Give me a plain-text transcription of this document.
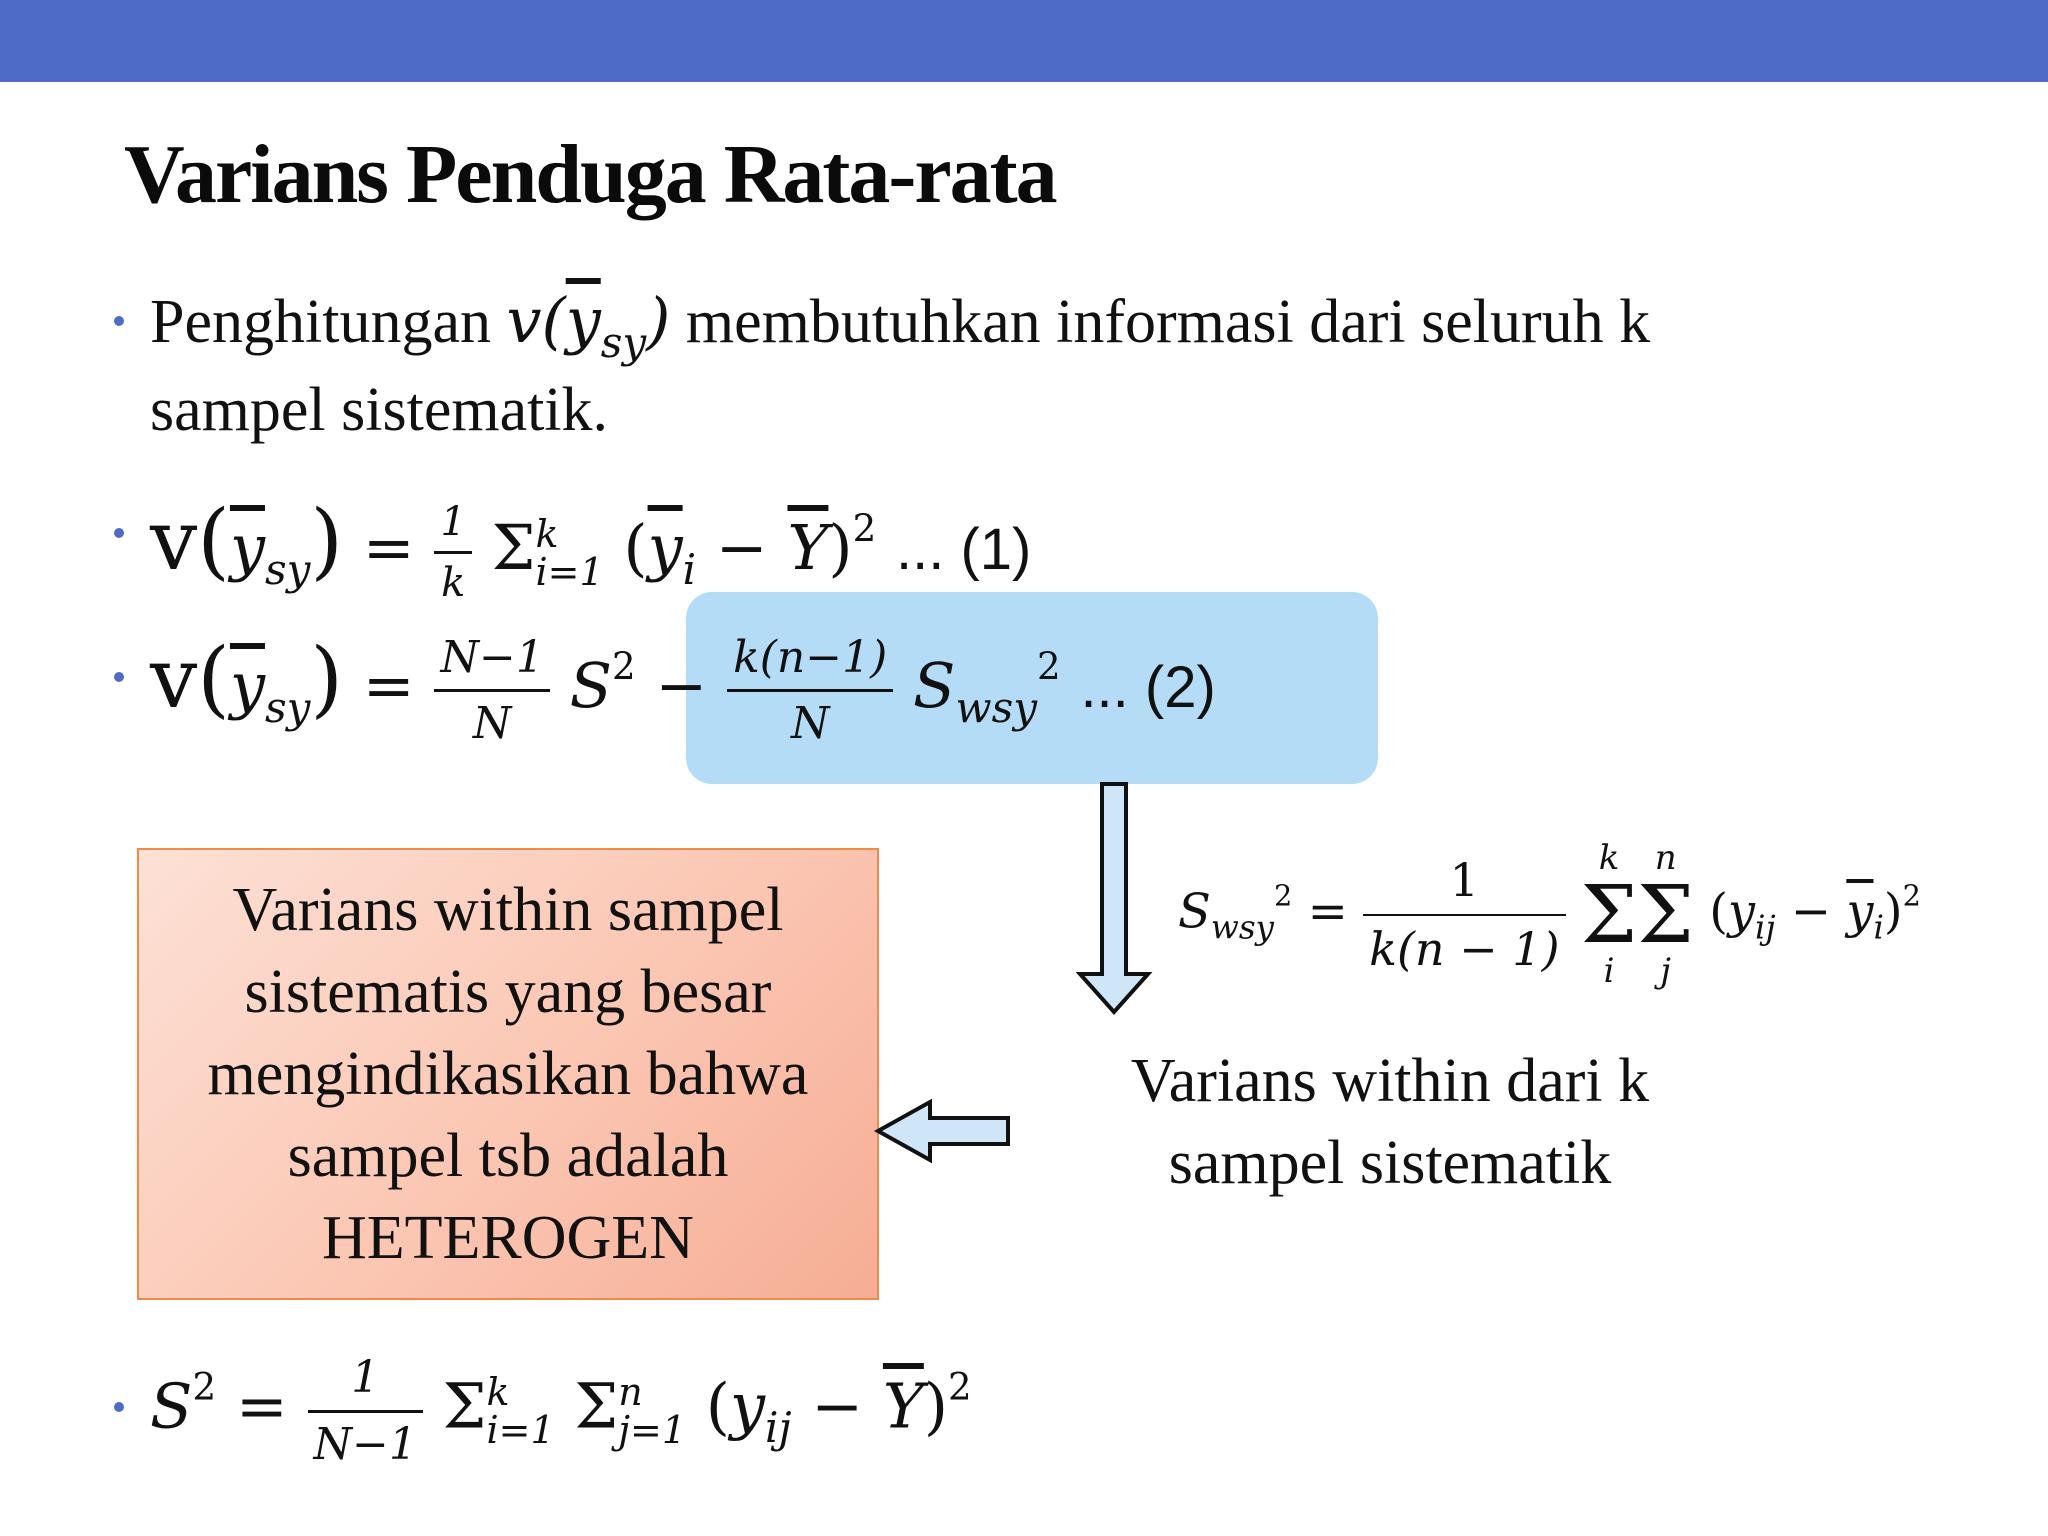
Varians Penduga Rata-rata
Penghitungan $v(\overline{y}_{sy})$ membutuhkan informasi dari seluruh k
sampel sistematik.
$v(\overline{y}_{sy}) = \frac{1}{k}$ Σ k
i=1 $(\overline{y}_i - \overline{Y})^2$ ... (1)
$v(\overline{y}_{sy}) = \frac{N-1}{N} S^2 - \frac{k(n-1)}{N} S_{wsy}^2$ ... (2)
$S_{wsy}^2 = \frac{1}{k(n - 1)}$
k
Σ
i
n
Σ
j
$(y_{ij} - \overline{y}_i)^2$
Varians within sampel sistematis yang besar mengindikasikan bahwa sampel tsb adalah HETEROGEN
Varians within dari k sampel sistematik
$S^2 = \frac{1}{N-1}$ Σ k
i=1 Σ n
j=1 $(y_{ij} - \overline{Y})^2$
